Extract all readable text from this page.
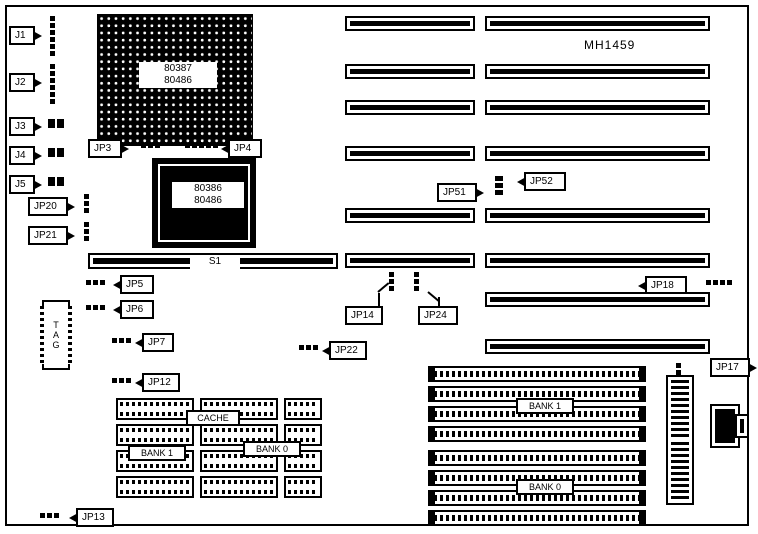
MH1459
J1
J2
J3
J4
J5
JP20
JP21
80387
80486
JP3	JP4
80386
80486
S1
JP5
JP6
JP7
JP12
JP13
T
A
G
JP14	JP24
JP22
JP51
JP52
JP18
JP17
BANK 1
BANK 0
CACHE
BANK 1	BANK 0
